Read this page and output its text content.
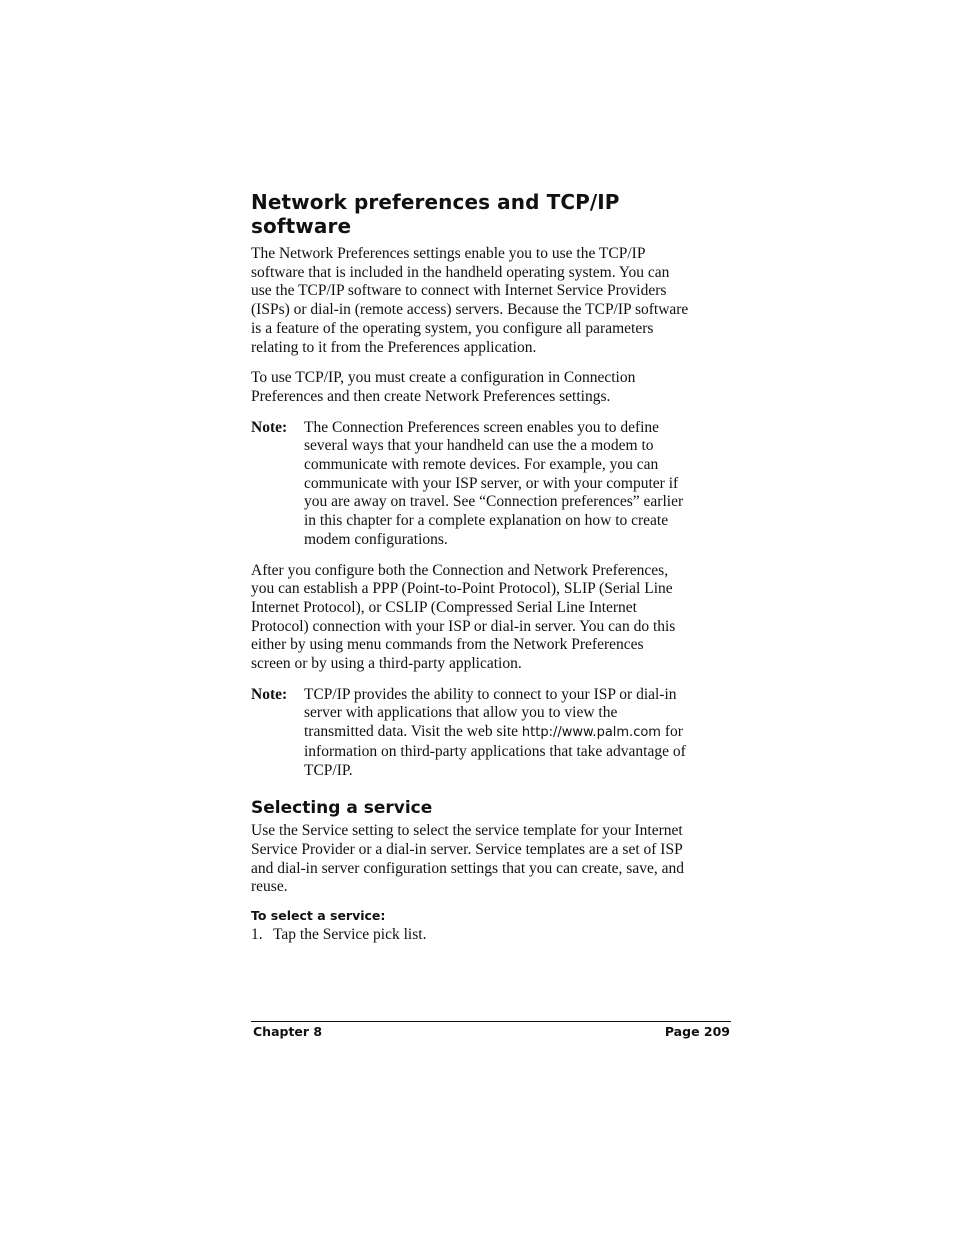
Network preferences and TCP/IP
software

The Network Preferences settings enable you to use the TCP/IP
software that is included in the handheld operating system. You can
use the TCP/IP software to connect with Internet Service Providers
(ISPs) or dial-in (remote access) servers. Because the TCP/IP software
is a feature of the operating system, you configure all parameters
relating to it from the Preferences application.

To use TCP/IP, you must create a configuration in Connection
Preferences and then create Network Preferences settings.

Note:	The Connection Preferences screen enables you to define
several ways that your handheld can use the a modem to
communicate with remote devices. For example, you can
communicate with your ISP server, or with your computer if
you are away on travel. See “Connection preferences” earlier
in this chapter for a complete explanation on how to create
modem configurations.

After you configure both the Connection and Network Preferences,
you can establish a PPP (Point-to-Point Protocol), SLIP (Serial Line
Internet Protocol), or CSLIP (Compressed Serial Line Internet
Protocol) connection with your ISP or dial-in server. You can do this
either by using menu commands from the Network Preferences
screen or by using a third-party application.

Note:	TCP/IP provides the ability to connect to your ISP or dial-in
server with applications that allow you to view the
transmitted data. Visit the web site http://www.palm.com for
information on third-party applications that take advantage of
TCP/IP.
Selecting a service

Use the Service setting to select the service template for your Internet
Service Provider or a dial-in server. Service templates are a set of ISP
and dial-in server configuration settings that you can create, save, and
reuse.

To select a service:
1. Tap the Service pick list.
Chapter 8	Page 209
